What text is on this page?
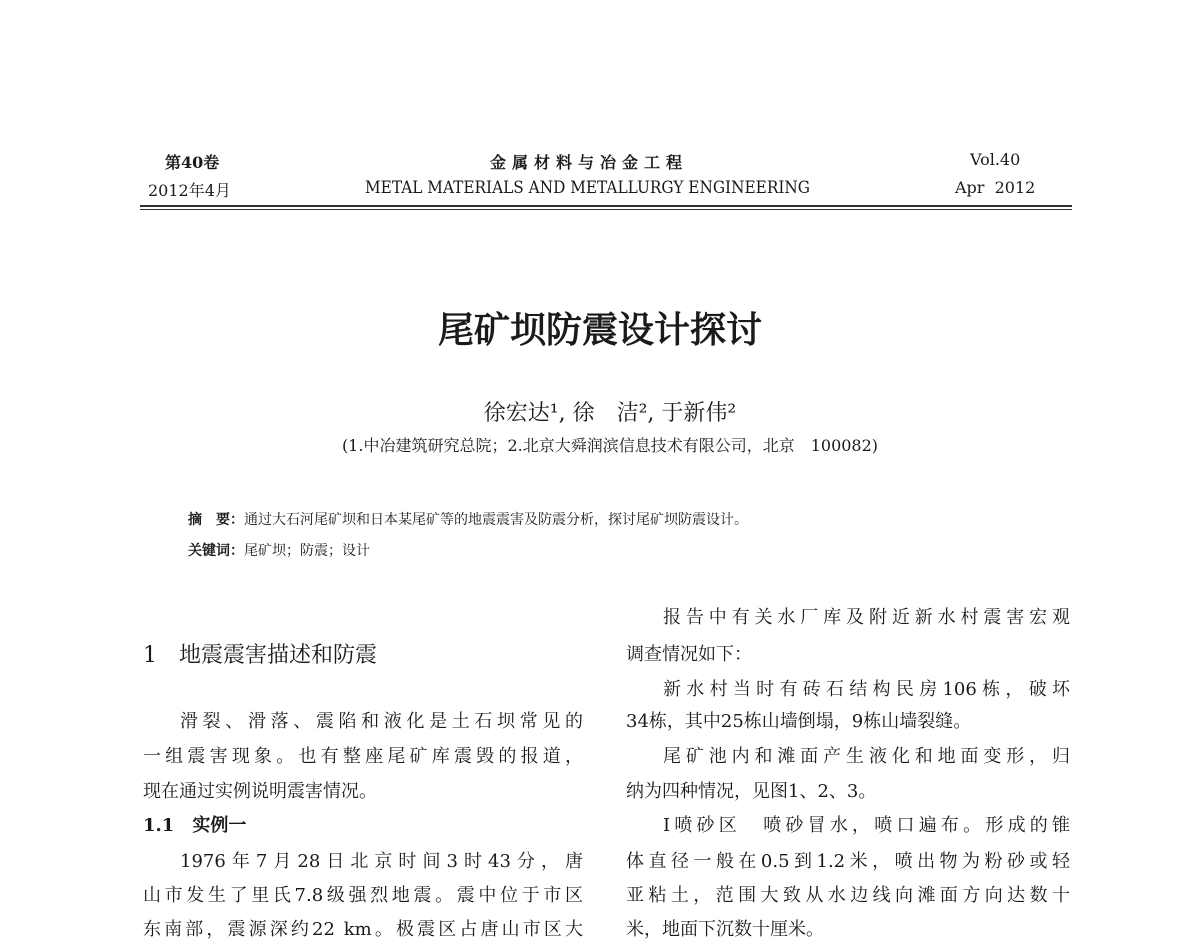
第40卷
2012年4月
金属材料与冶金工程
METAL MATERIALS AND METALLURGY ENGINEERING
Vol.40
Apr  2012
尾矿坝防震设计探讨
徐宏达¹, 徐　洁², 于新伟²
(1.中冶建筑研究总院；2.北京大舜润滨信息技术有限公司，北京　100082)
摘　要：通过大石河尾矿坝和日本某尾矿等的地震震害及防震分析，探讨尾矿坝防震设计。
关键词：尾矿坝；防震；设计
1　地震震害描述和防震
滑裂、滑落、震陷和液化是土石坝常见的
一组震害现象。也有整座尾矿库震毁的报道，
现在通过实例说明震害情况。
1.1　实例一
1976年7月28日北京时间3时43分，唐
山市发生了里氏7.8级强烈地震。震中位于市区
东南部，震源深约22 km。极震区占唐山市区大
报告中有关水厂库及附近新水村震害宏观
调查情况如下：
新水村当时有砖石结构民房106栋，破坏
34栋，其中25栋山墙倒塌，9栋山墙裂缝。
尾矿池内和滩面产生液化和地面变形，归
纳为四种情况，见图1、2、3。
Ⅰ喷砂区　喷砂冒水，喷口遍布。形成的锥
体直径一般在0.5到1.2米，喷出物为粉砂或轻
亚粘土，范围大致从水边线向滩面方向达数十
米，地面下沉数十厘米。
